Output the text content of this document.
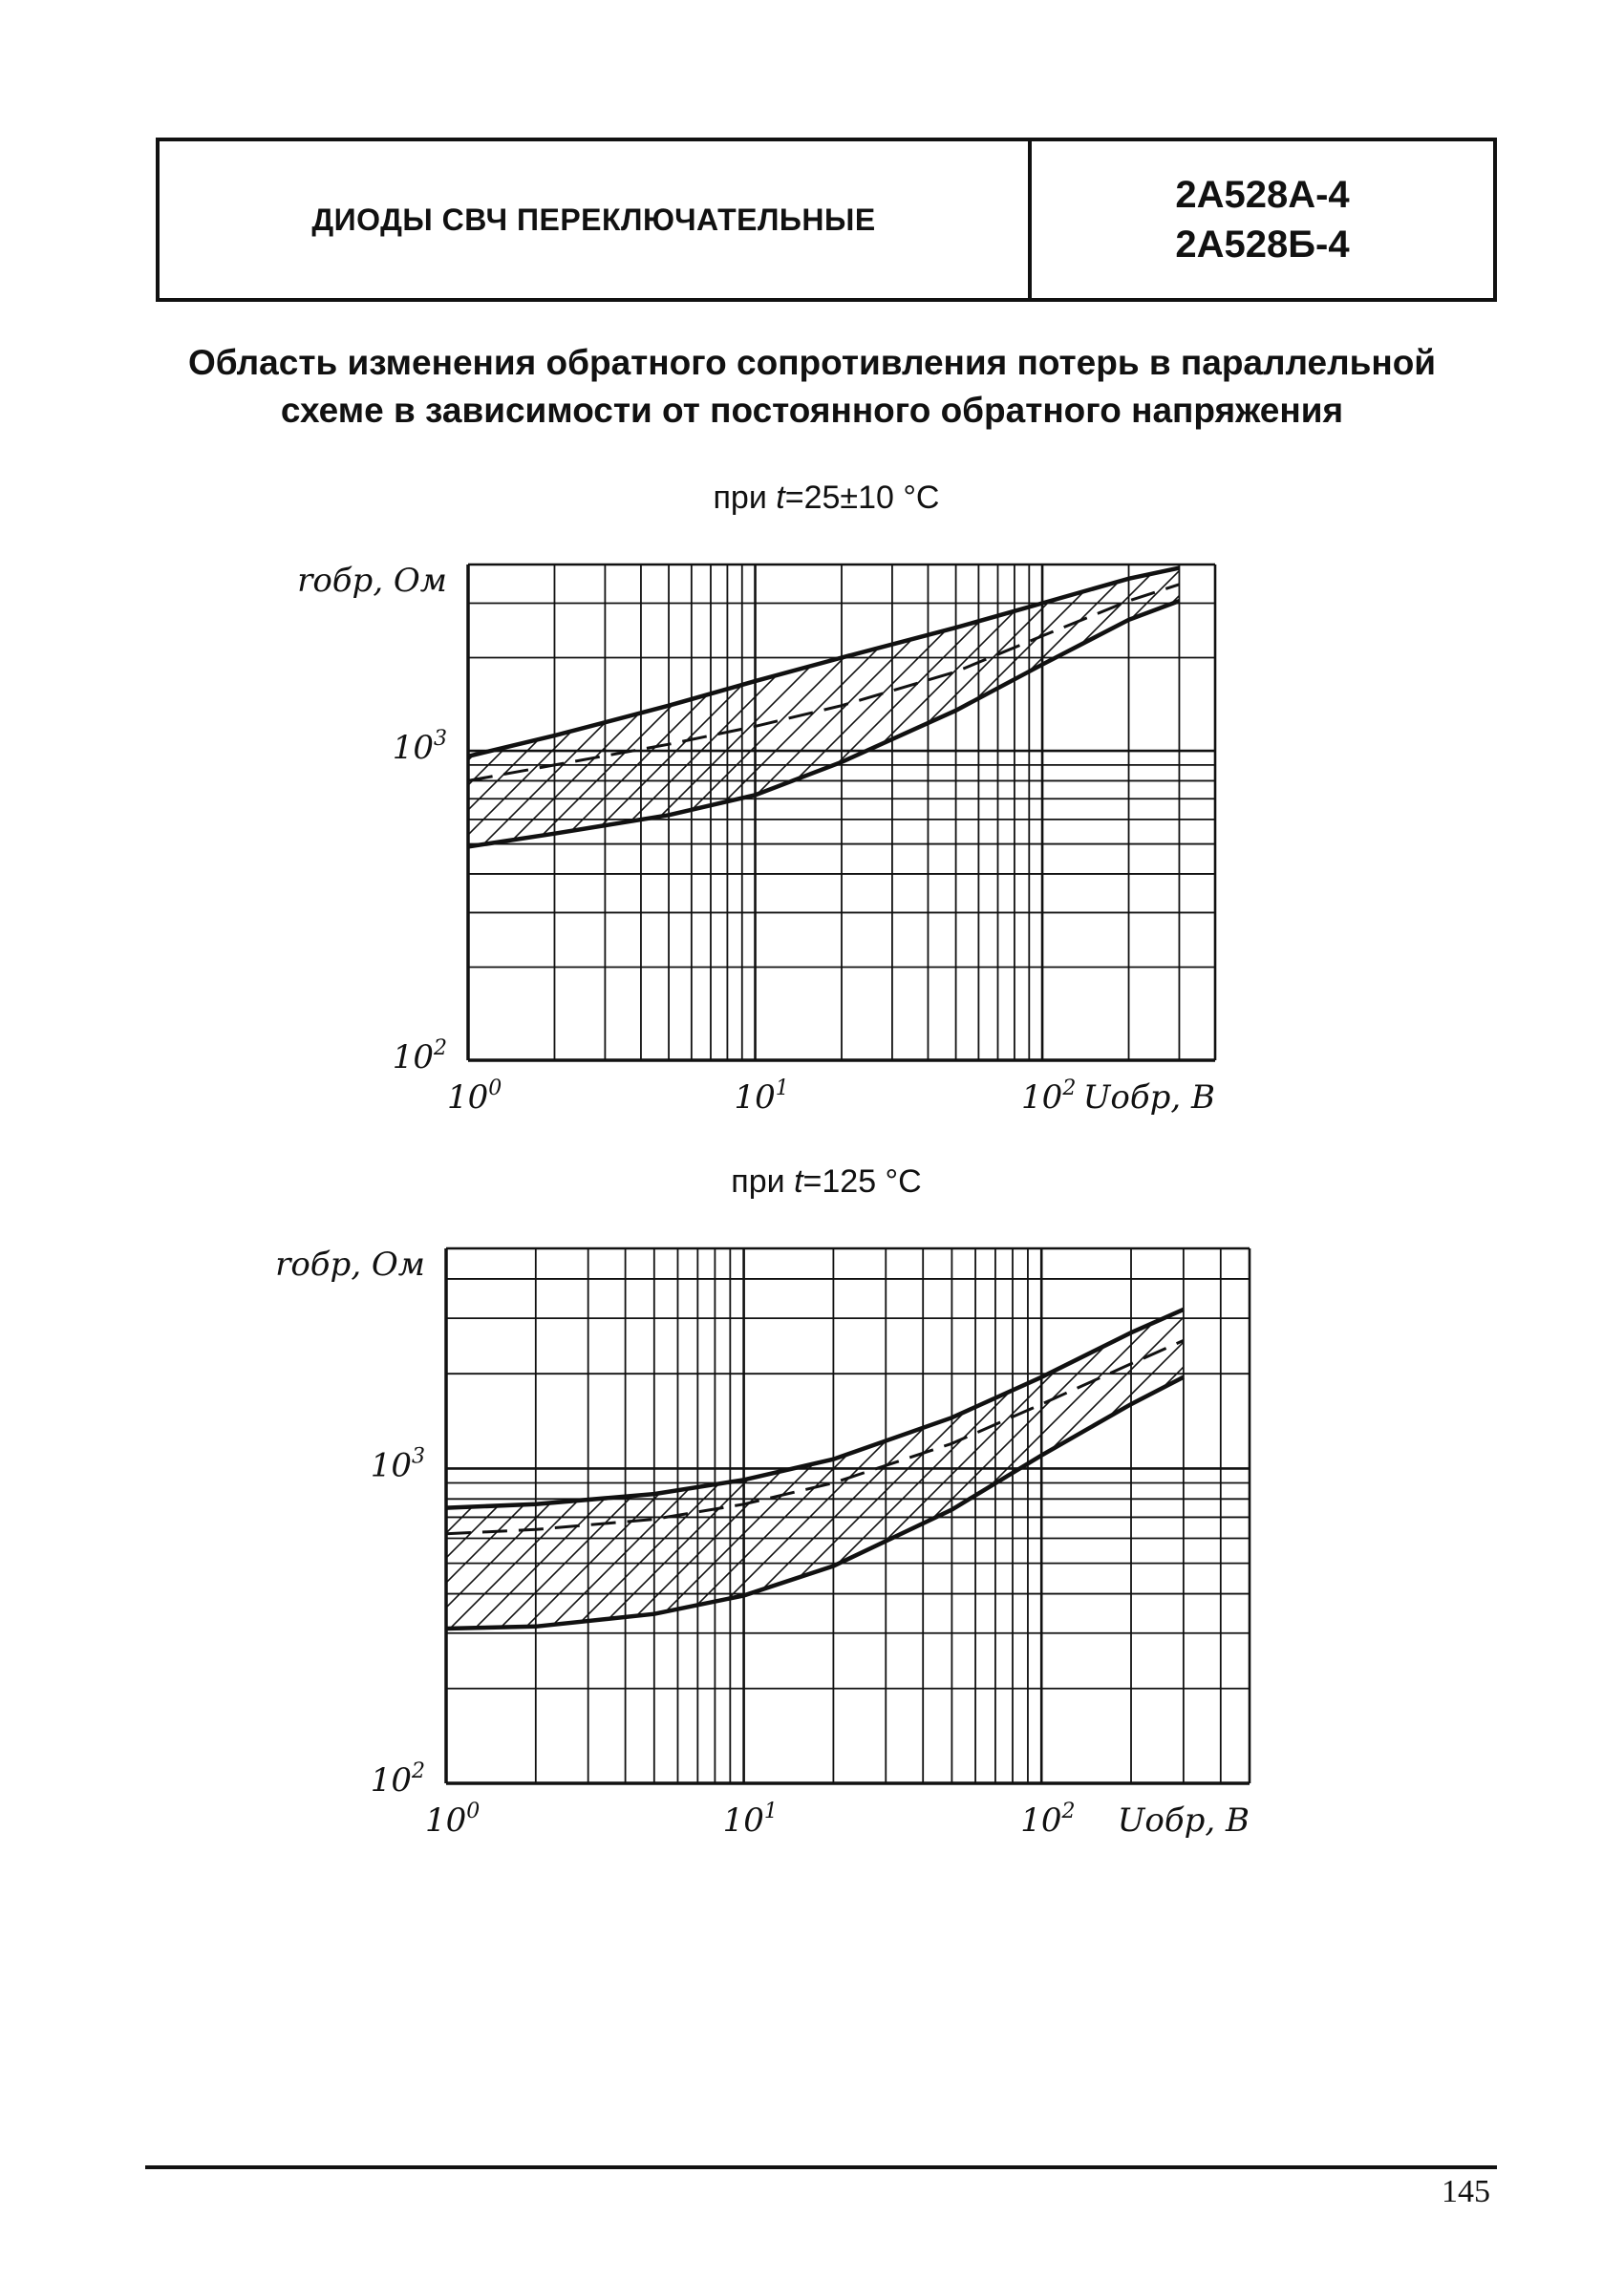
ДИОДЫ СВЧ ПЕРЕКЛЮЧАТЕЛЬНЫЕ
2А528А-4
2А528Б-4
Область изменения обратного сопротивления потерь в параллельной
схеме в зависимости от постоянного обратного напряжения
при t=25±10 °C
при t=125 °C
rобр, Ом
$10^2$
$10^3$
$10^0$	$10^1$	$10^2$ Uобр, В
rобр, Ом
$10^2$
$10^3$
$10^0$	$10^1$	$10^2$ Uобр, В
145
